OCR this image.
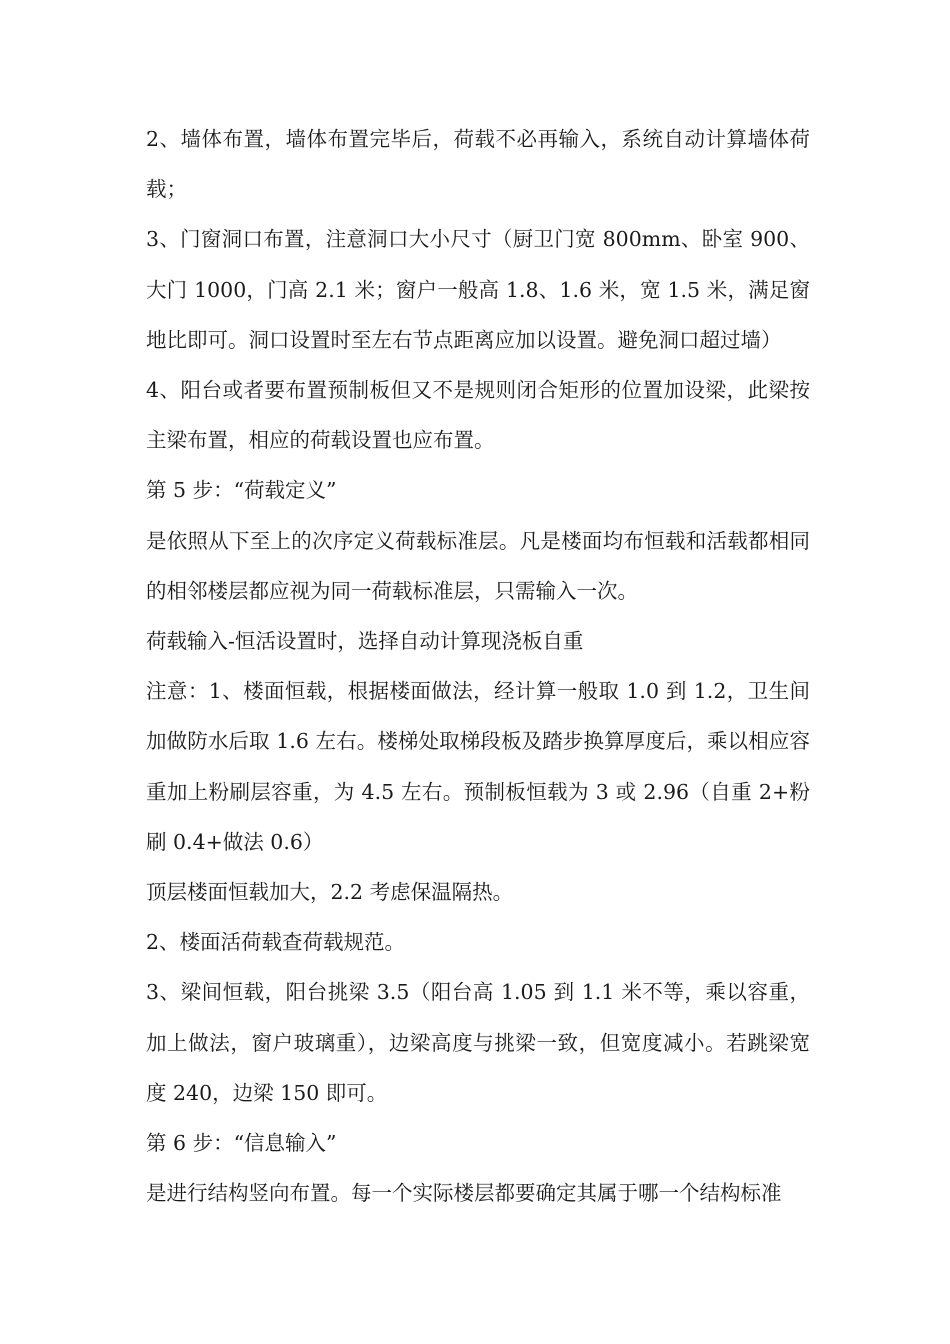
2、墙体布置，墙体布置完毕后，荷载不必再输入，系统自动计算墙体荷载；

3、门窗洞口布置，注意洞口大小尺寸（厨卫门宽 800mm、卧室 900、大门 1000，门高 2.1 米；窗户一般高 1.8、1.6 米，宽 1.5 米，满足窗地比即可。洞口设置时至左右节点距离应加以设置。避免洞口超过墙）

4、阳台或者要布置预制板但又不是规则闭合矩形的位置加设梁，此梁按主梁布置，相应的荷载设置也应布置。

第 5 步：“荷载定义”

是依照从下至上的次序定义荷载标准层。凡是楼面均布恒载和活载都相同的相邻楼层都应视为同一荷载标准层，只需输入一次。

荷载输入-恒活设置时，选择自动计算现浇板自重

注意：1、楼面恒载，根据楼面做法，经计算一般取 1.0 到 1.2，卫生间加做防水后取 1.6 左右。楼梯处取梯段板及踏步换算厚度后，乘以相应容重加上粉刷层容重，为 4.5 左右。预制板恒载为 3 或 2.96（自重 2+粉刷 0.4+做法 0.6）

顶层楼面恒载加大，2.2 考虑保温隔热。

2、楼面活荷载查荷载规范。

3、梁间恒载，阳台挑梁 3.5（阳台高 1.05 到 1.1 米不等，乘以容重，加上做法，窗户玻璃重），边梁高度与挑梁一致，但宽度减小。若跳梁宽度 240，边梁 150 即可。

第 6 步：“信息输入”

是进行结构竖向布置。每一个实际楼层都要确定其属于哪一个结构标准
